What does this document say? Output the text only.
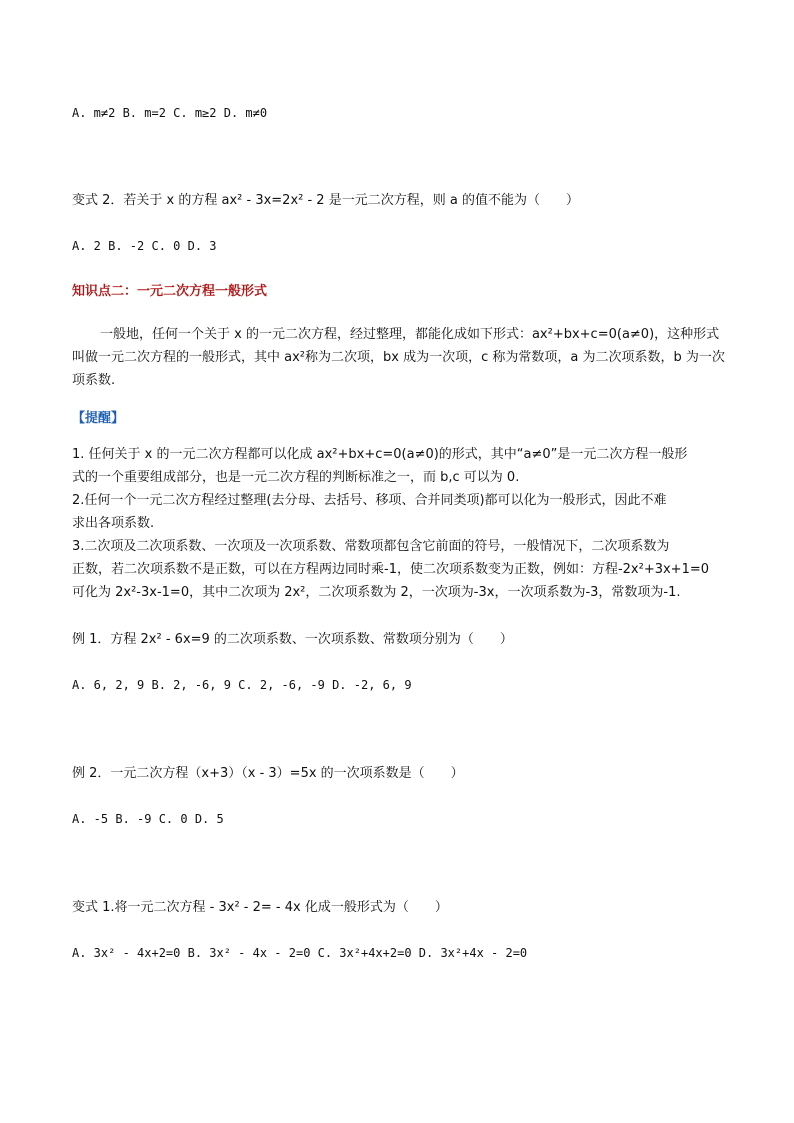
A. m≠2 B. m=2 C. m≥2 D. m≠0
变式 2．若关于 x 的方程 ax² - 3x=2x² - 2 是一元二次方程，则 a 的值不能为（　　）
A. 2 B. -2 C. 0 D. 3
知识点二：一元二次方程一般形式
一般地，任何一个关于 x 的一元二次方程，经过整理，都能化成如下形式：ax²+bx+c=0(a≠0)，这种形式叫做一元二次方程的一般形式，其中 ax²称为二次项，bx 成为一次项，c 称为常数项，a 为二次项系数，b 为一次项系数.
【提醒】
1. 任何关于 x 的一元二次方程都可以化成 ax²+bx+c=0(a≠0)的形式，其中“a≠0”是一元二次方程一般形
式的一个重要组成部分，也是一元二次方程的判断标准之一，而 b,c 可以为 0.
2.任何一个一元二次方程经过整理(去分母、去括号、移项、合并同类项)都可以化为一般形式，因此不难
求出各项系数.
3.二次项及二次项系数、一次项及一次项系数、常数项都包含它前面的符号，一般情况下，二次项系数为
正数，若二次项系数不是正数，可以在方程两边同时乘-1，使二次项系数变为正数，例如：方程-2x²+3x+1=0
可化为 2x²-3x-1=0，其中二次项为 2x²，二次项系数为 2，一次项为-3x，一次项系数为-3，常数项为-1.
例 1．方程 2x² - 6x=9 的二次项系数、一次项系数、常数项分别为（　　）
A. 6, 2, 9 B. 2, -6, 9 C. 2, -6, -9 D. -2, 6, 9
例 2．一元二次方程（x+3）（x - 3）=5x 的一次项系数是（　　）
A. -5 B. -9 C. 0 D. 5
变式 1.将一元二次方程 - 3x² - 2= - 4x 化成一般形式为（　　）
A. 3x² - 4x+2=0 B. 3x² - 4x - 2=0 C. 3x²+4x+2=0 D. 3x²+4x - 2=0
